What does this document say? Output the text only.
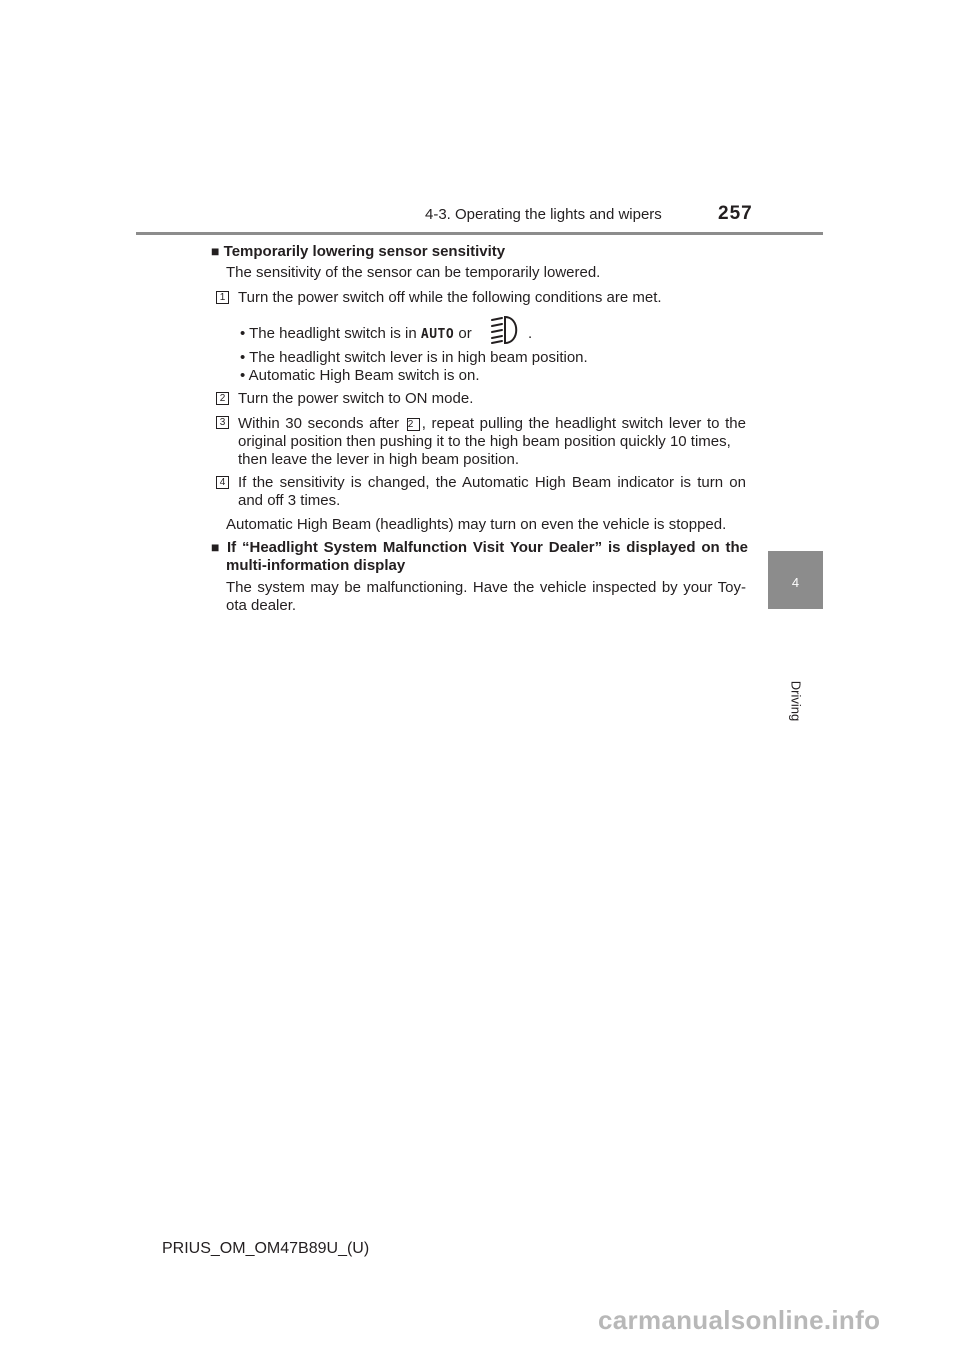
4-3. Operating the lights and wipers	257
4
Driving
■ Temporarily lowering sensor sensitivity
The sensitivity of the sensor can be temporarily lowered.
1 Turn the power switch off while the following conditions are met.
• The headlight switch is in AUTO or	.
• The headlight switch lever is in high beam position.
• Automatic High Beam switch is on.
2 Turn the power switch to ON mode.
3 Within 30 seconds after 2 , repeat pulling the headlight switch lever to the
original position then pushing it to the high beam position quickly 10 times,
then leave the lever in high beam position.
4 If the sensitivity is changed, the Automatic High Beam indicator is turn on
and off 3 times.
Automatic High Beam (headlights) may turn on even the vehicle is stopped.
■ If “Headlight System Malfunction Visit Your Dealer” is displayed on the
multi-information display
The system may be malfunctioning. Have the vehicle inspected by your Toy-
ota dealer.
PRIUS_OM_OM47B89U_(U)
carmanualsonline.info
